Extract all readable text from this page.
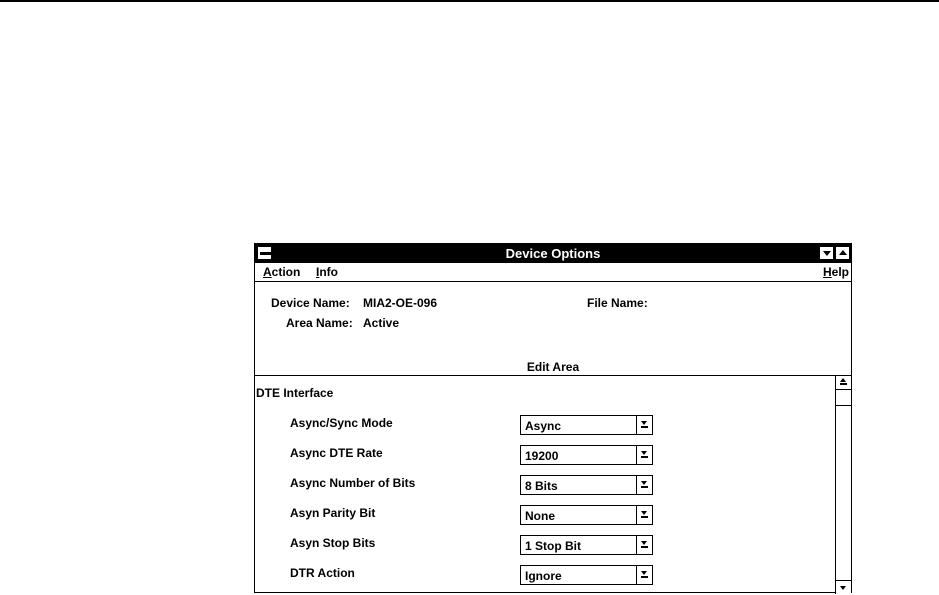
Device Options
Action Info	Help
Device Name: MIA2-OE-096
Area Name: Active
File Name:
Edit Area
DTE Interface
Async/Sync Mode	Async
Async DTE Rate	19200
Async Number of Bits	8 Bits
Asyn Parity Bit	None
Asyn Stop Bits	1 Stop Bit
DTR Action	Ignore
